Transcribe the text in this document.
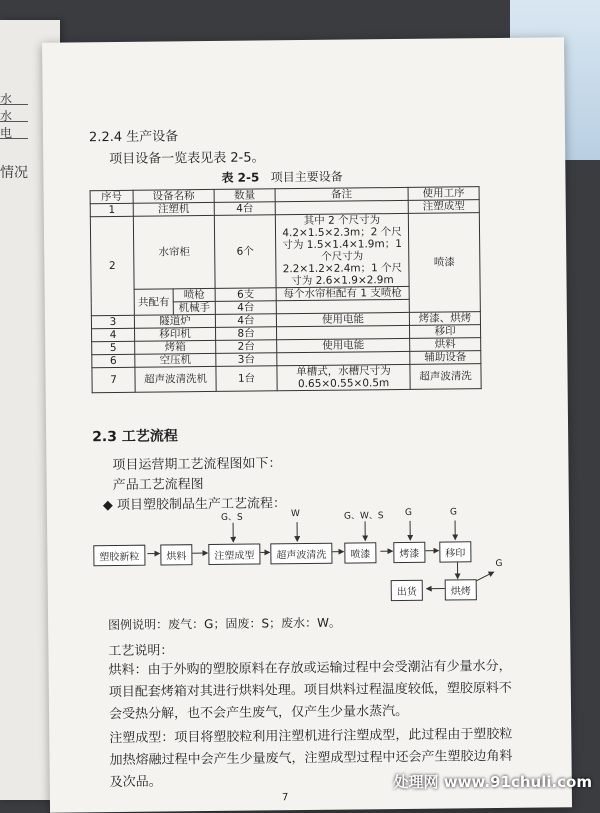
水
水
电
情况
2.2.4 生产设备
项目设备一览表见表 2-5。
表 2-5 项目主要设备
序号	设备名称		数量	备注	使用工序
1	注塑机		4台		注塑成型
2	水帘柜		6个	其中 2 个尺寸为 4.2×1.5×2.3m；2 个尺寸为 1.5×1.4×1.9m；1 个尺寸为 2.2×1.2×2.4m；1 个尺寸为 2.6×1.9×2.9m	喷漆
	共配有	喷枪	6支	每个水帘柜配有 1 支喷枪	
		机械手	4台		
3	隧道炉		4台	使用电能	烤漆、烘烤
4	移印机		8台		移印
5	烤箱		2台	使用电能	烘料
6	空压机		3台		辅助设备
7	超声波清洗机		1台	单槽式，水槽尺寸为 0.65×0.55×0.5m	超声波清洗
2.3 工艺流程
项目运营期工艺流程图如下：
产品工艺流程图
◆ 项目塑胶制品生产工艺流程：
塑胶新粒	烘料	注塑成型	超声波清洗	喷漆	烤漆	移印
烘烤
出货
G、S	W	G、W、S G	G
G
图例说明：废气：G；固废：S；废水：W。
工艺说明：
烘料：由于外购的塑胶原料在存放或运输过程中会受潮沾有少量水分，项目配套烤箱对其进行烘料处理。项目烘料过程温度较低，塑胶原料不会受热分解，也不会产生废气，仅产生少量水蒸汽。
注塑成型：项目将塑胶粒利用注塑机进行注塑成型，此过程由于塑胶粒加热熔融过程中会产生少量废气，注塑成型过程中还会产生塑胶边角料及次品。
7
处理网 www.91chuli.com
